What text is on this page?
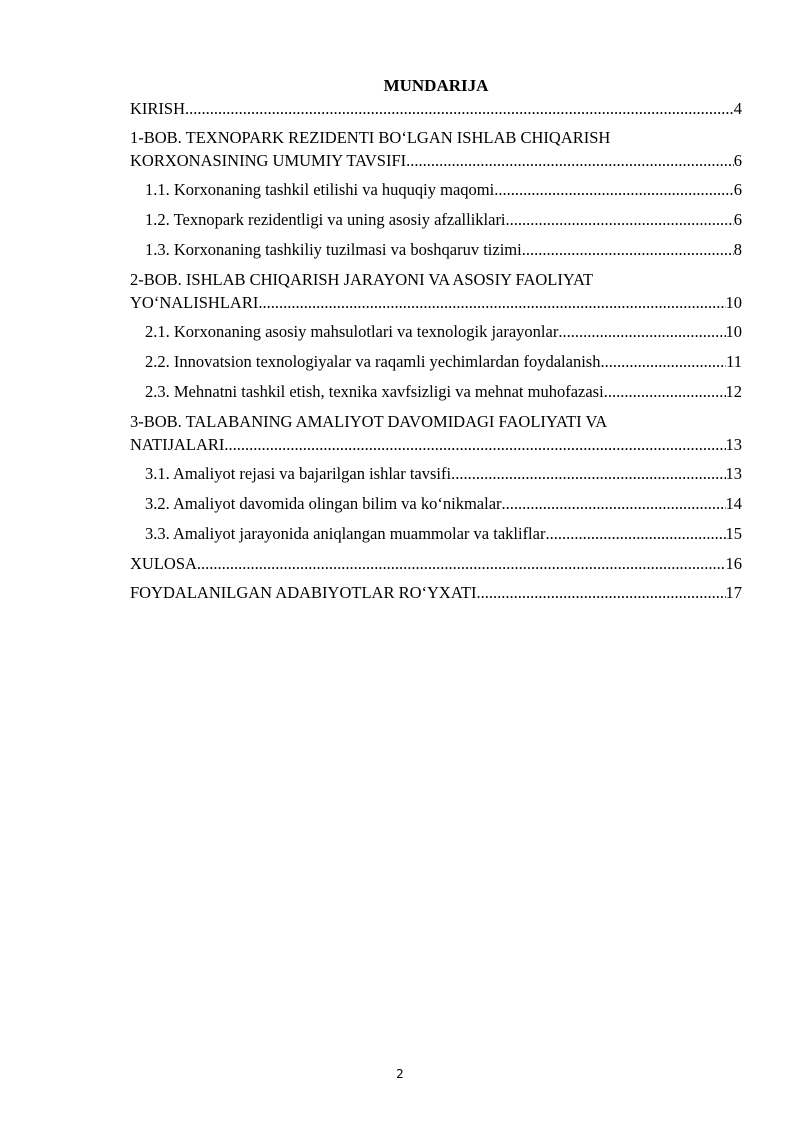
MUNDARIJA
KIRISH .....	4
1-BOB. TEXNOPARK REZIDENTI BO‘LGAN ISHLAB CHIQARISH
KORXONASINING UMUMIY TAVSIFI .....	6
1.1. Korxonaning tashkil etilishi va huquqiy maqomi .....	6
1.2. Texnopark rezidentligi va uning asosiy afzalliklari .....	6
1.3. Korxonaning tashkiliy tuzilmasi va boshqaruv tizimi .....	8
2-BOB. ISHLAB CHIQARISH JARAYONI VA ASOSIY FAOLIYAT
YO‘NALISHLARI .....	10
2.1. Korxonaning asosiy mahsulotlari va texnologik jarayonlar .....	10
2.2. Innovatsion texnologiyalar va raqamli yechimlardan foydalanish .....	11
2.3. Mehnatni tashkil etish, texnika xavfsizligi va mehnat muhofazasi .....	12
3-BOB. TALABANING AMALIYOT DAVOMIDAGI FAOLIYATI VA
NATIJALARI .....	13
3.1. Amaliyot rejasi va bajarilgan ishlar tavsifi .....	13
3.2. Amaliyot davomida olingan bilim va ko‘nikmalar .....	14
3.3. Amaliyot jarayonida aniqlangan muammolar va takliflar .....	15
XULOSA .....	16
FOYDALANILGAN ADABIYOTLAR RO‘YXATI .....	17
2
